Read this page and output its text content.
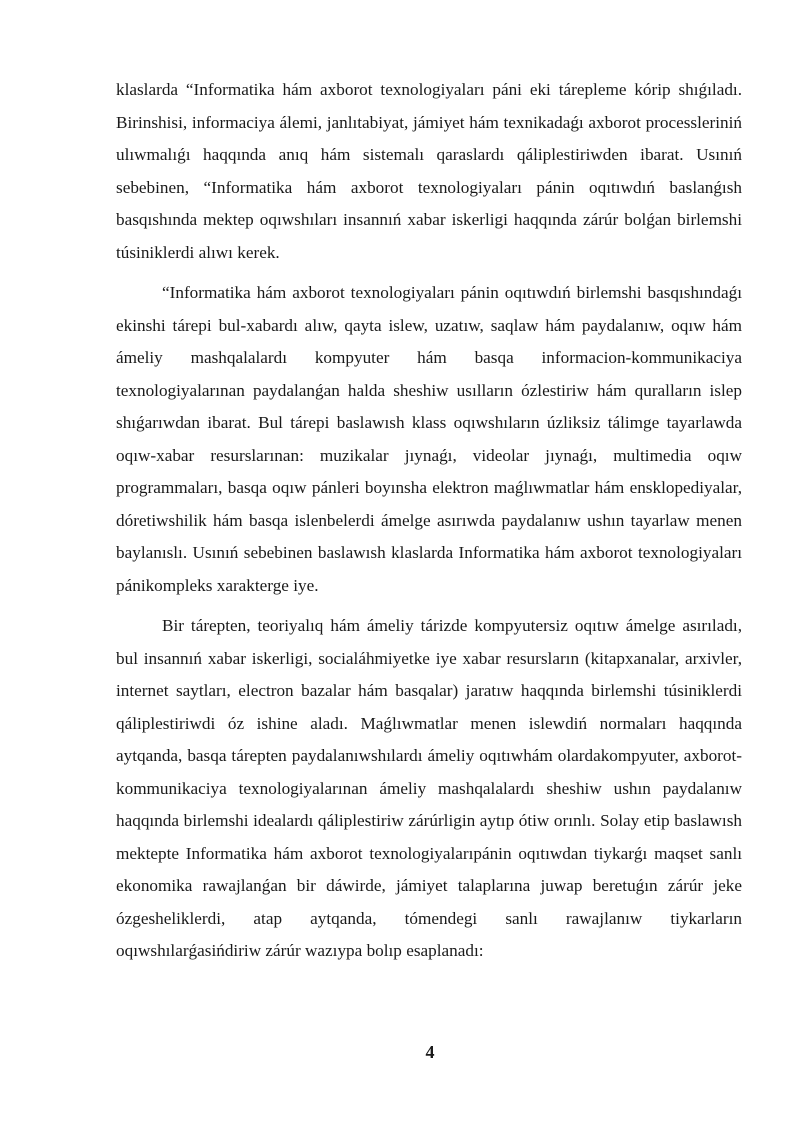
klaslarda “Informatika hám axborot texnologiyaları páni eki tárepleme kórip shıǵıladı. Birinshisi, informaciya álemi, janlıtabiyat, jámiyet hám texnikadaǵı axborot processleriniń ulıwmalıǵı haqqında anıq hám sistemalı qaraslardı qáliplestiriwden ibarat. Usınıń sebebinen, “Informatika hám axborot texnologiyaları pánin oqıtıwdıń baslanǵısh basqıshında mektep oqıwshıları insannıń xabar iskerligi haqqında zárúr bolǵan birlemshi túsiniklerdi alıwı kerek.

“Informatika hám axborot texnologiyaları pánin oqıtıwdıń birlemshi basqıshındaǵı ekinshi tárepi bul-xabardı alıw, qayta islew, uzatıw, saqlaw hám paydalanıw, oqıw hám ámeliy mashqalalardı kompyuter hám basqa informacion-kommunikaciya texnologiyalarınan paydalanǵan halda sheshiw usılların ózlestiriw hám quralların islep shıǵarıwdan ibarat. Bul tárepi baslawısh klass oqıwshıların úzliksiz tálimge tayarlawda oqıw-xabar resurslarınan: muzikalar jıynaǵı, videolar jıynaǵı, multimedia oqıw programmaları, basqa oqıw pánleri boyınsha elektron maǵlıwmatlar hám ensklopediyalar, dóretiwshilik hám basqa islenbelerdi ámelge asırıwda paydalanıw ushın tayarlaw menen baylanıslı. Usınıń sebebinen baslawısh klaslarda Informatika hám axborot texnologiyaları pánikompleks xarakterge iye.

Bir tárepten, teoriyalıq hám ámeliy tárizde kompyutersiz oqıtıw ámelge asırıladı, bul insannıń xabar iskerligi, socialáhmiyetke iye xabar resursların (kitapxanalar, arxivler, internet saytları, electron bazalar hám basqalar) jaratıw haqqında birlemshi túsiniklerdi qáliplestiriwdi óz ishine aladı. Maǵlıwmatlar menen islewdiń normaları haqqında aytqanda, basqa tárepten paydalanıwshılardı ámeliy oqıtıwhám olardakompyuter, axborot-kommunikaciya texnologiyalarınan ámeliy mashqalalardı sheshiw ushın paydalanıw haqqında birlemshi idealardı qáliplestiriw zárúrligin aytıp ótiw orınlı. Solay etip baslawısh mektepte Informatika hám axborot texnologiyalarıpánin oqıtıwdan tiykarǵı maqset sanlı ekonomika rawajlanǵan bir dáwirde, jámiyet talaplarına juwap beretuǵın zárúr jeke ózgesheliklerdi, atap aytqanda, tómendegi sanlı rawajlanıw tiykarların oqıwshılarǵasińdiriw zárúr wazıypa bolıp esaplanadı:

4
